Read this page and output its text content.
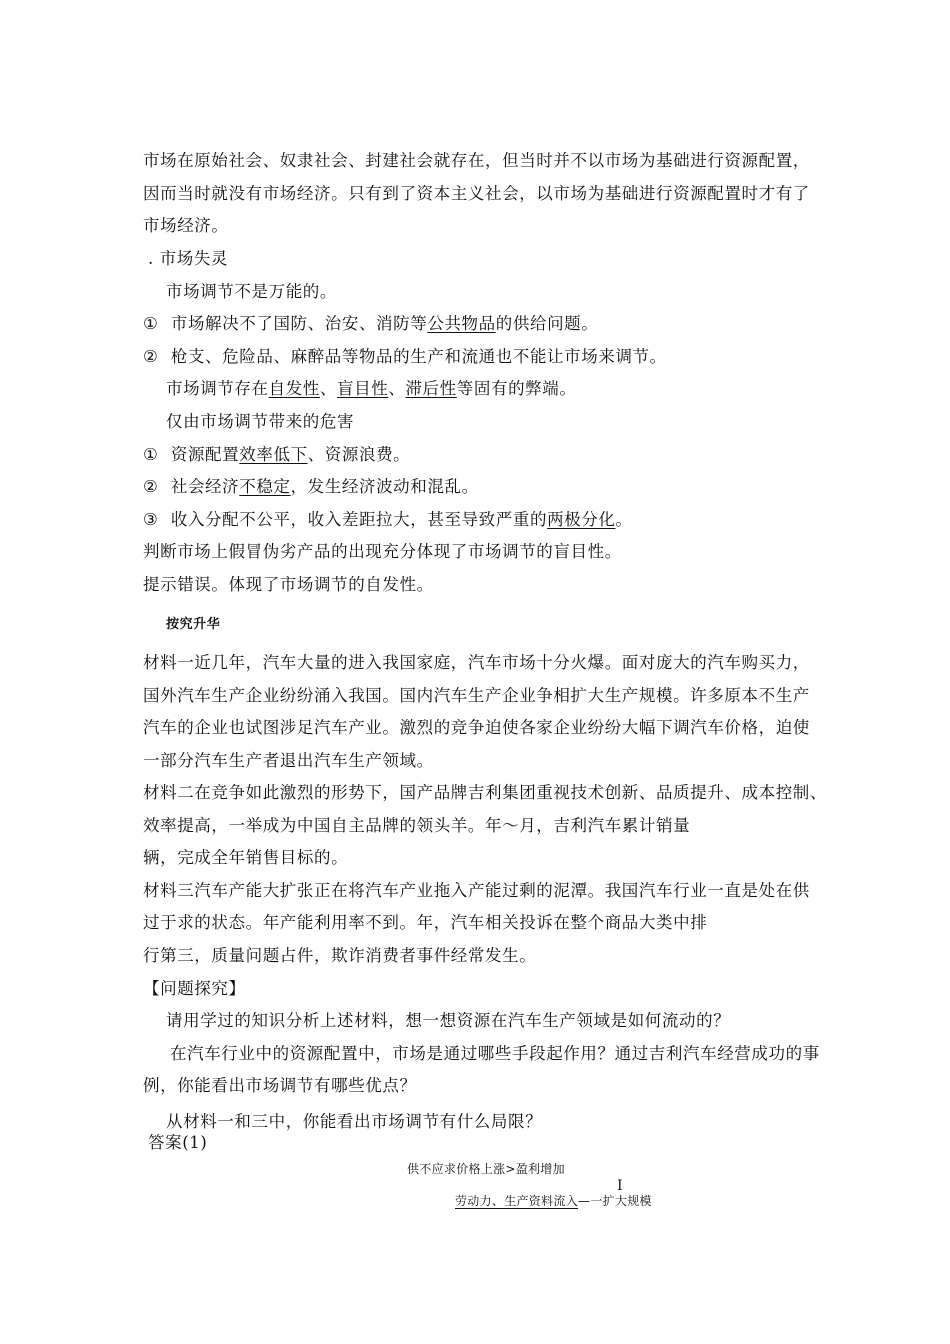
市场在原始社会、奴隶社会、封建社会就存在，但当时并不以市场为基础进行资源配置，
因而当时就没有市场经济。只有到了资本主义社会，以市场为基础进行资源配置时才有了
市场经济。
. 市场失灵
市场调节不是万能的。
① 市场解决不了国防、治安、消防等公共物品的供给问题。
② 枪支、危险品、麻醉品等物品的生产和流通也不能让市场来调节。
市场调节存在自发性、盲目性、滞后性等固有的弊端。
仅由市场调节带来的危害
① 资源配置效率低下、资源浪费。
② 社会经济不稳定，发生经济波动和混乱。
③ 收入分配不公平，收入差距拉大，甚至导致严重的两极分化。
判断市场上假冒伪劣产品的出现充分体现了市场调节的盲目性。
提示错误。体现了市场调节的自发性。
按究升华
材料一近几年，汽车大量的进入我国家庭，汽车市场十分火爆。面对庞大的汽车购买力，
国外汽车生产企业纷纷涌入我国。国内汽车生产企业争相扩大生产规模。许多原本不生产
汽车的企业也试图涉足汽车产业。激烈的竞争迫使各家企业纷纷大幅下调汽车价格，迫使
一部分汽车生产者退出汽车生产领域。
材料二在竞争如此激烈的形势下，国产品牌吉利集团重视技术创新、品质提升、成本控制、
效率提高，一举成为中国自主品牌的领头羊。年～月，吉利汽车累计销量
辆，完成全年销售目标的。
材料三汽车产能大扩张正在将汽车产业拖入产能过剩的泥潭。我国汽车行业一直是处在供
过于求的状态。年产能利用率不到。年，汽车相关投诉在整个商品大类中排
行第三，质量问题占件，欺诈消费者事件经常发生。
【问题探究】
请用学过的知识分析上述材料，想一想资源在汽车生产领域是如何流动的？
在汽车行业中的资源配置中，市场是通过哪些手段起作用？通过吉利汽车经营成功的事
例，你能看出市场调节有哪些优点？
从材料一和三中，你能看出市场调节有什么局限？
答案(1)
供不应求价格上涨>盈利增加
I
劳动力、生产资料流入—一扩大规模
